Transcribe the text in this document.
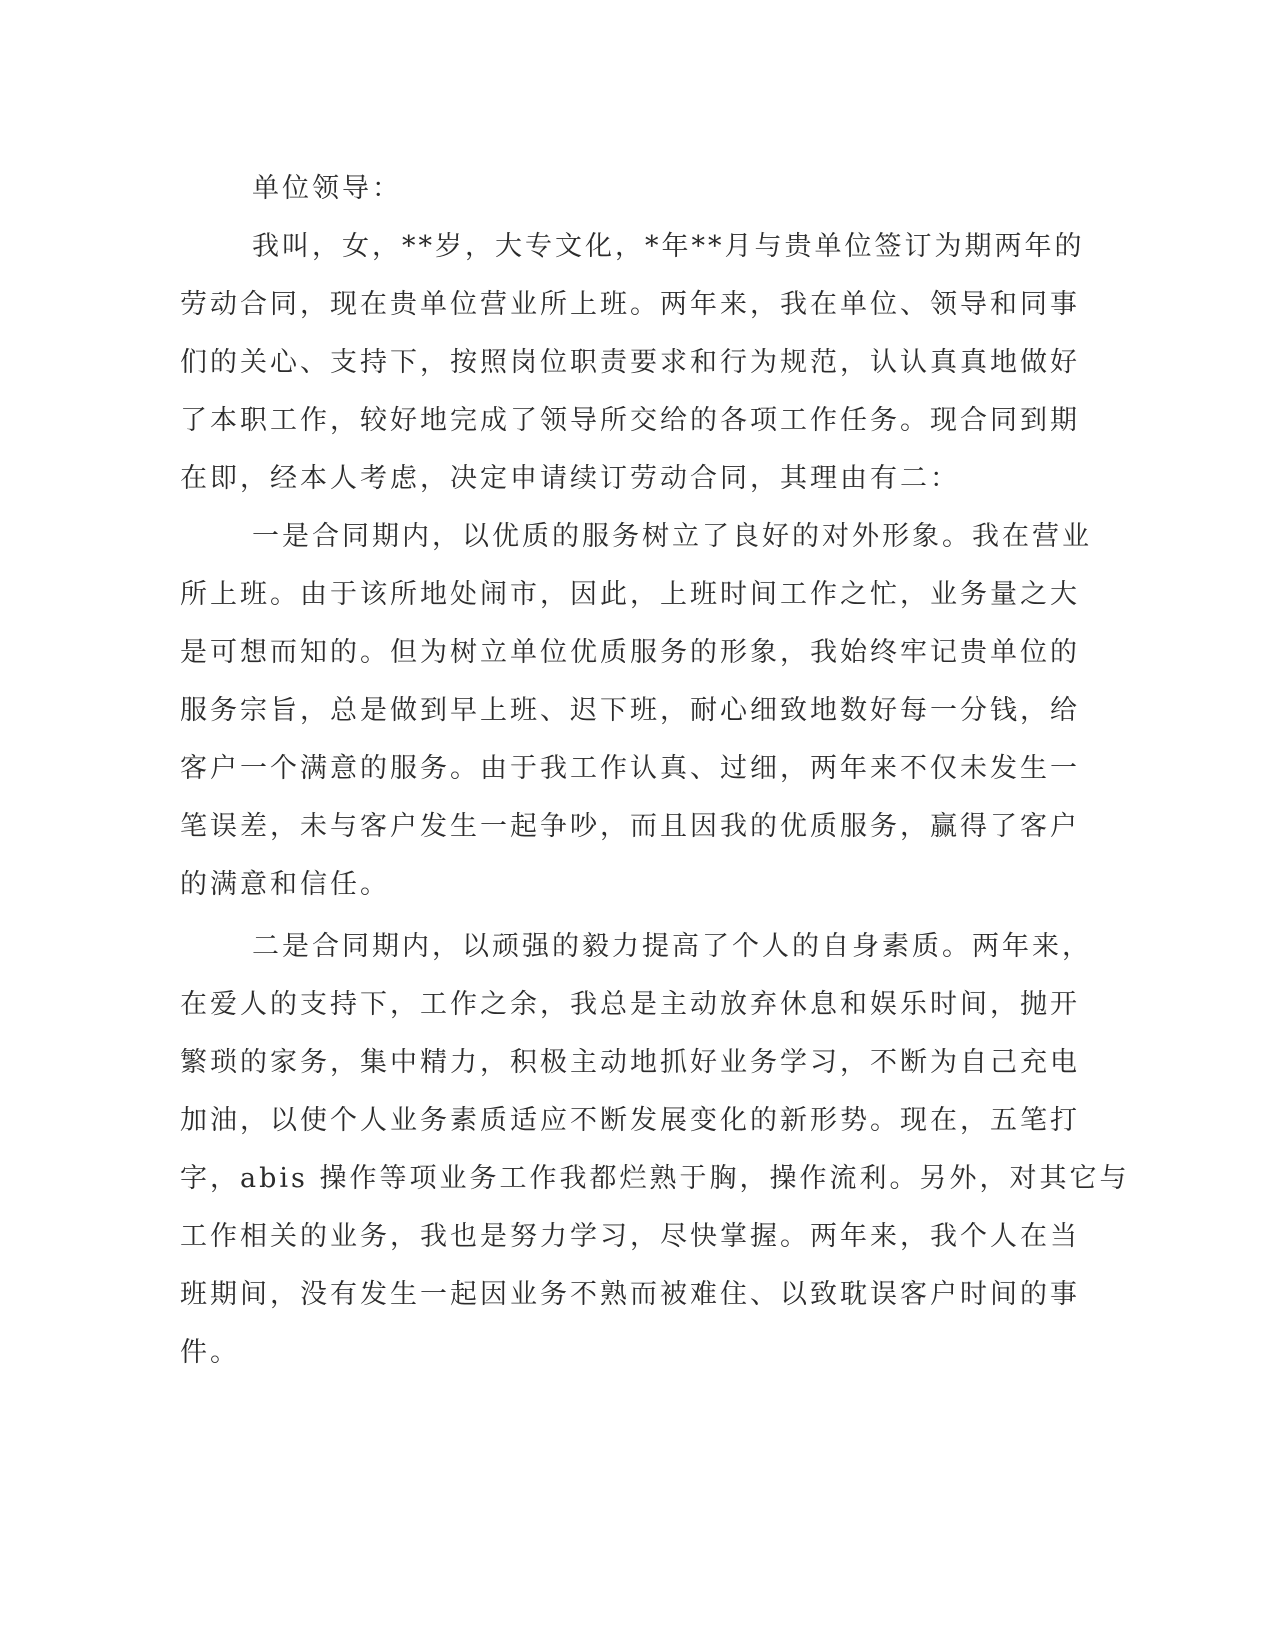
单位领导：
我叫，女，**岁，大专文化，*年**月与贵单位签订为期两年的
劳动合同，现在贵单位营业所上班。两年来，我在单位、领导和同事
们的关心、支持下，按照岗位职责要求和行为规范，认认真真地做好
了本职工作，较好地完成了领导所交给的各项工作任务。现合同到期
在即，经本人考虑，决定申请续订劳动合同，其理由有二：
一是合同期内，以优质的服务树立了良好的对外形象。我在营业
所上班。由于该所地处闹市，因此，上班时间工作之忙，业务量之大
是可想而知的。但为树立单位优质服务的形象，我始终牢记贵单位的
服务宗旨，总是做到早上班、迟下班，耐心细致地数好每一分钱，给
客户一个满意的服务。由于我工作认真、过细，两年来不仅未发生一
笔误差，未与客户发生一起争吵，而且因我的优质服务，赢得了客户
的满意和信任。
二是合同期内，以顽强的毅力提高了个人的自身素质。两年来，
在爱人的支持下，工作之余，我总是主动放弃休息和娱乐时间，抛开
繁琐的家务，集中精力，积极主动地抓好业务学习，不断为自己充电
加油，以使个人业务素质适应不断发展变化的新形势。现在，五笔打
字，abis 操作等项业务工作我都烂熟于胸，操作流利。另外，对其它与
工作相关的业务，我也是努力学习，尽快掌握。两年来，我个人在当
班期间，没有发生一起因业务不熟而被难住、以致耽误客户时间的事
件。
